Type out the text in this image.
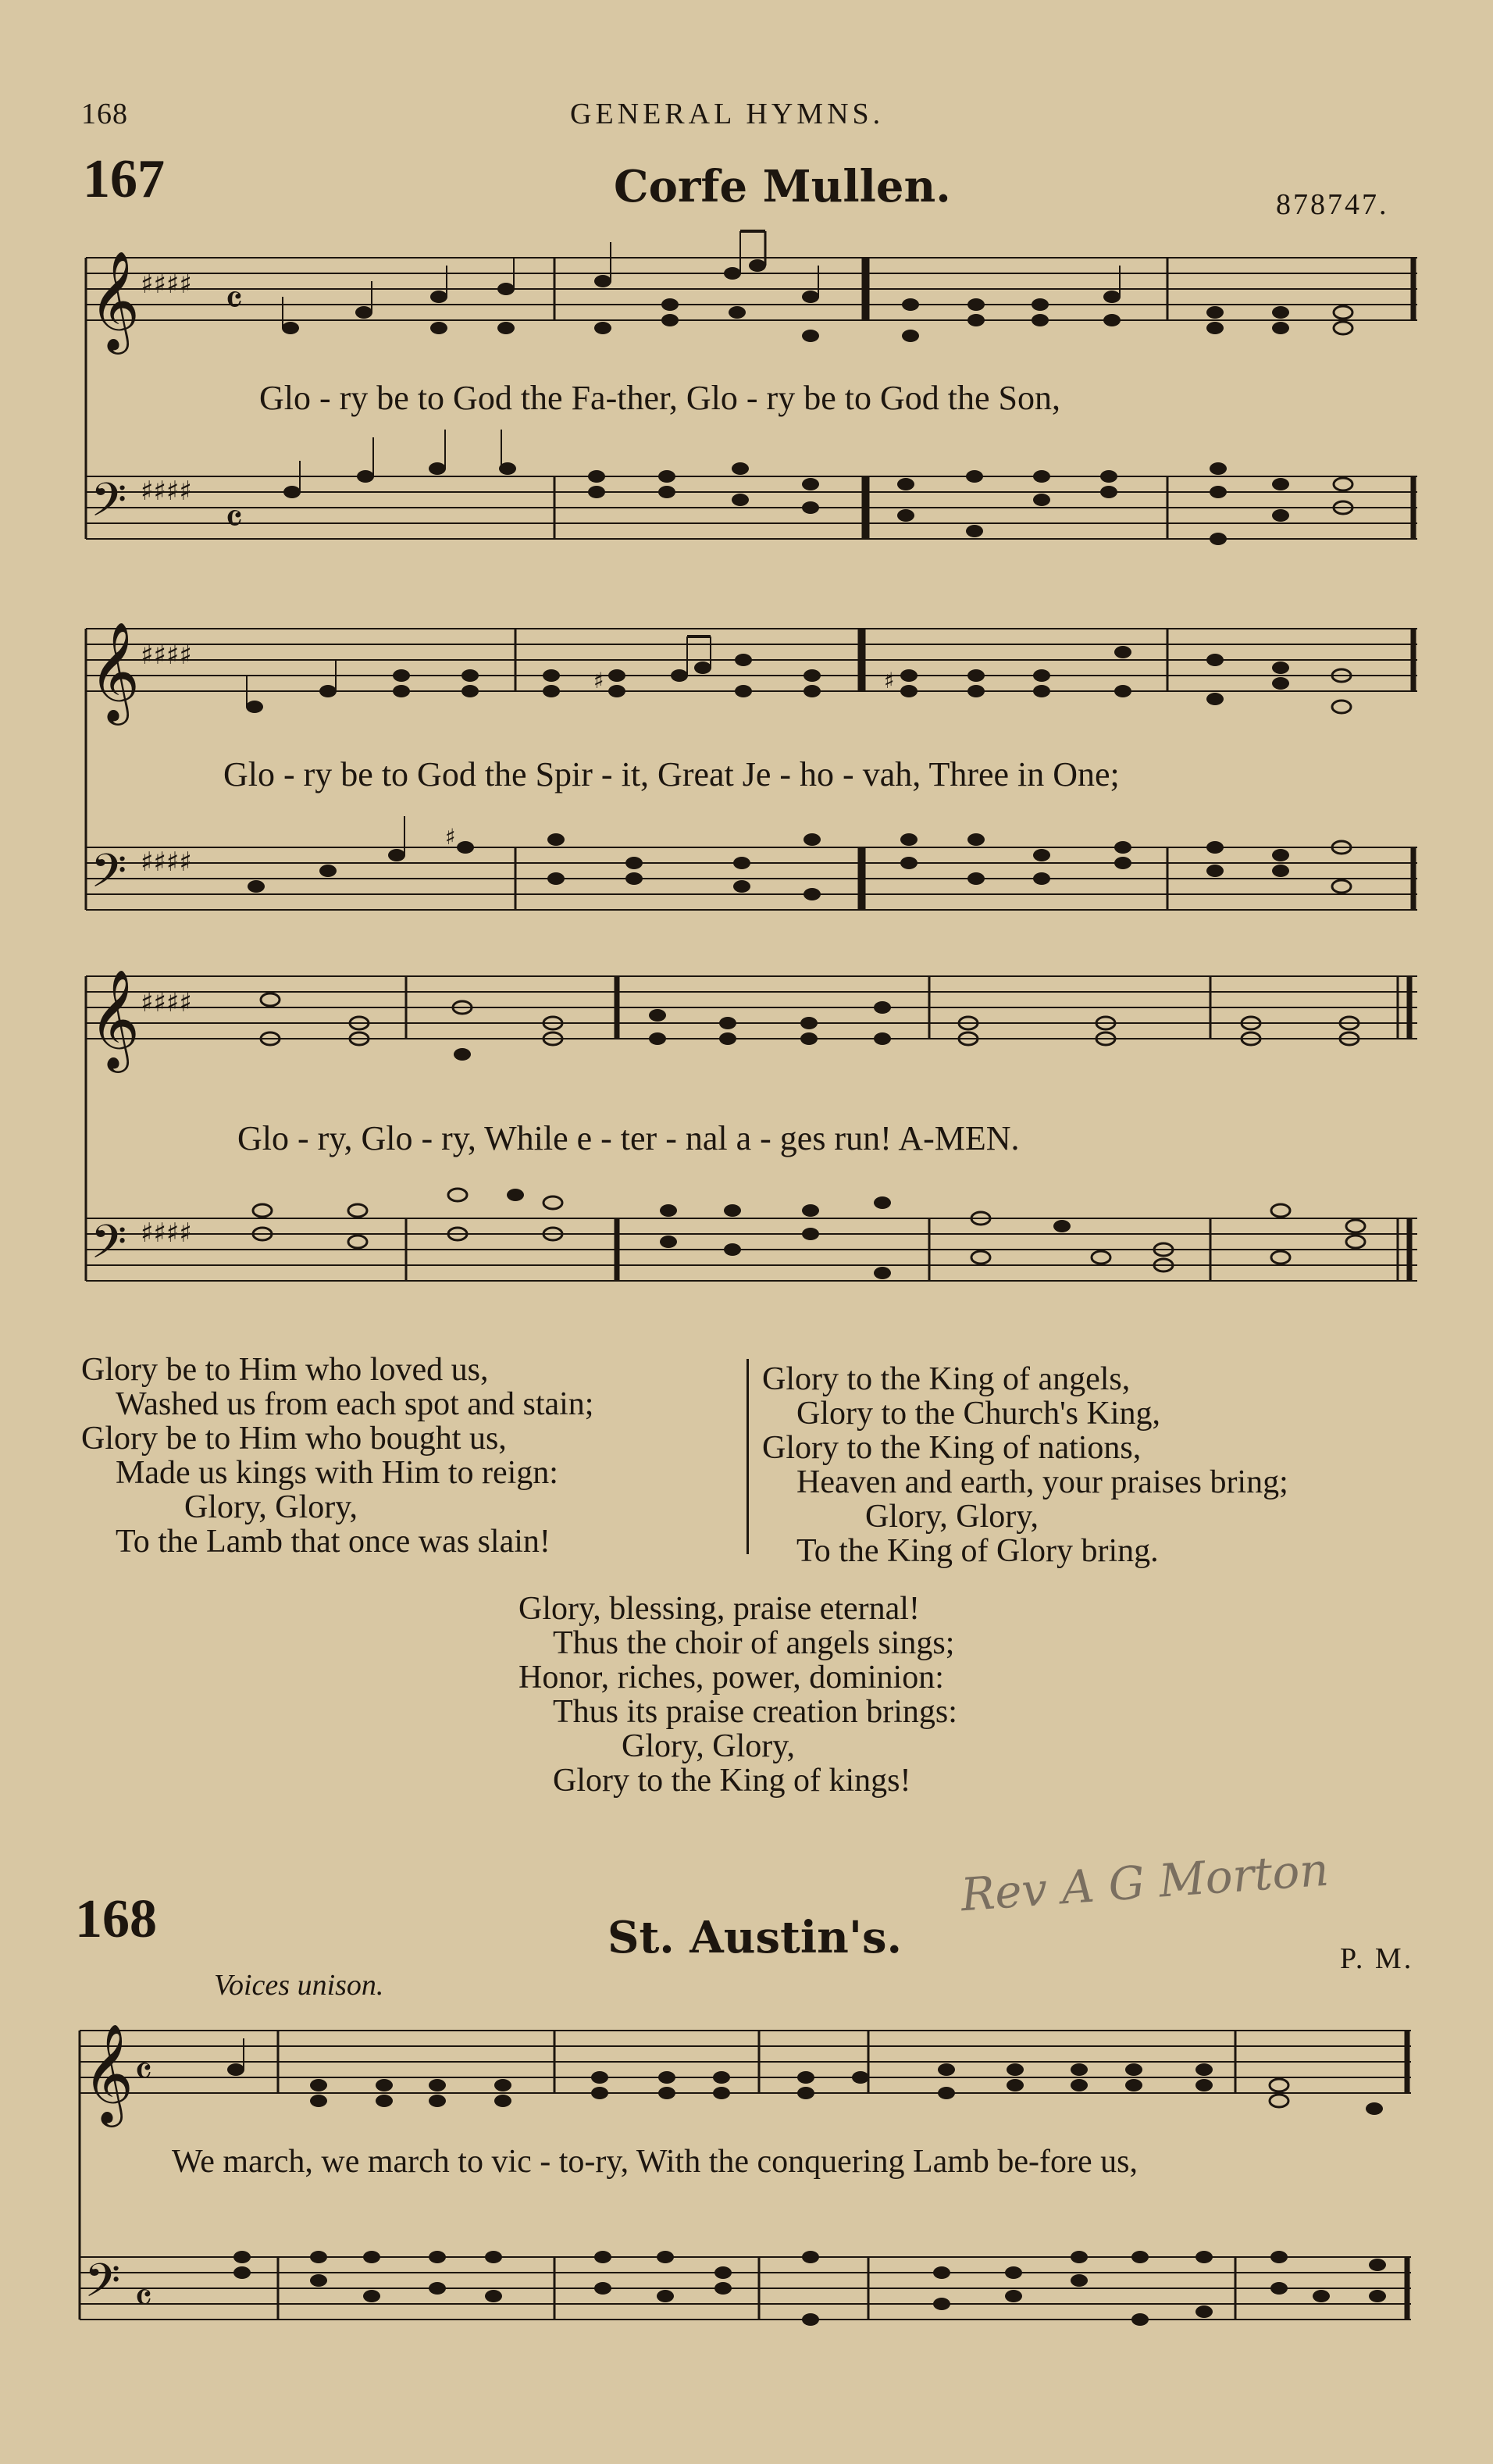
168	GENERAL HYMNS.
167	Corfe Mullen.	878747.
𝄞
𝄢
♯♯♯♯
♯♯♯♯
𝄴
𝄴
Glo - ry be to God the Fa-ther, Glo - ry be to God the Son,
𝄞
𝄢
♯♯♯♯
♯♯♯♯
♯	♯
♯
Glo - ry be to God the Spir - it, Great Je - ho - vah, Three in One;
𝄞
𝄢
♯♯♯♯
♯♯♯♯
Glo - ry, Glo - ry, While e - ter - nal a - ges run! A-MEN.
Glory be to Him who loved us,
Washed us from each spot and stain;
Glory be to Him who bought us,
Made us kings with Him to reign:
Glory, Glory,
To the Lamb that once was slain!
Glory to the King of angels,
Glory to the Church's King,
Glory to the King of nations,
Heaven and earth, your praises bring;
Glory, Glory,
To the King of Glory bring.
Glory, blessing, praise eternal!
Thus the choir of angels sings;
Honor, riches, power, dominion:
Thus its praise creation brings:
Glory, Glory,
Glory to the King of kings!
Rev A G Morton
168	St. Austin's.	P. M.
Voices unison.
𝄞
𝄢
𝄴
𝄴
We march, we march to vic - to-ry, With the conquering Lamb be-fore us,
